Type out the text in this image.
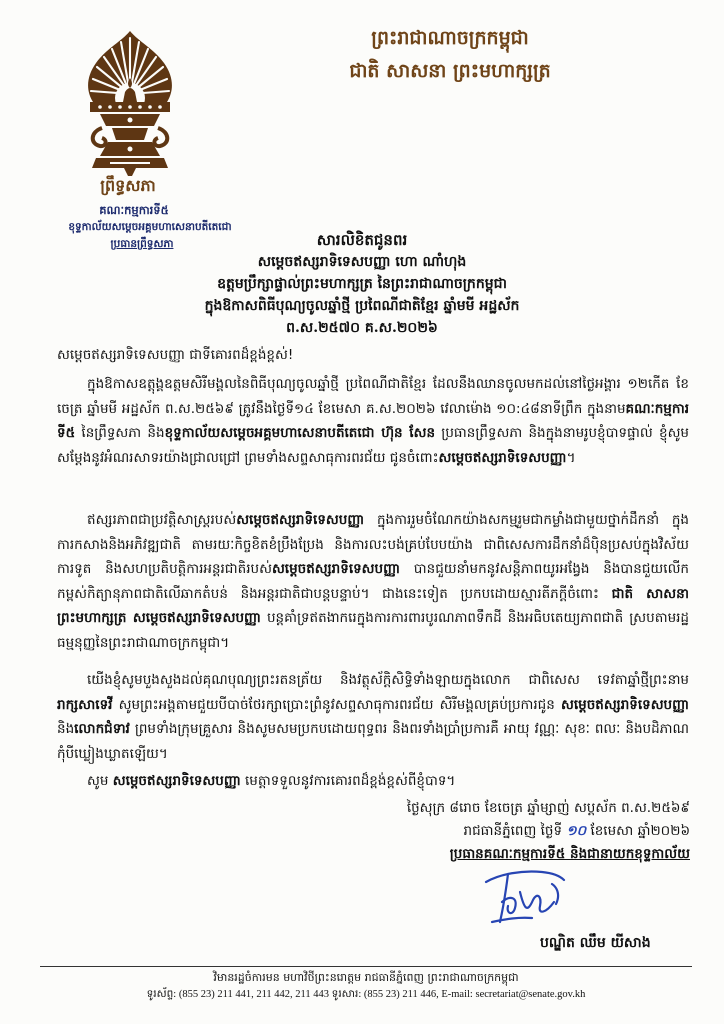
ព្រះរាជាណាចក្រកម្ពុជា
ជាតិ សាសនា ព្រះមហាក្សត្រ
ព្រឹទ្ធសភា
គណៈកម្មការទី៥
ខុទ្ទកាល័យសម្តេចអគ្គមហាសេនាបតីតេជោ
ប្រធានព្រឹទ្ធសភា	សារលិខិតជូនពរ
សម្តេចឥស្សរាទិទេសបញ្ញា ហោ ណាំហុង
ឧត្តមប្រឹក្សាផ្ទាល់ព្រះមហាក្សត្រ នៃព្រះរាជាណាចក្រកម្ពុជា
ក្នុងឱកាសពិធីបុណ្យចូលឆ្នាំថ្មី ប្រពៃណីជាតិខ្មែរ ឆ្នាំមមី អដ្ឋស័ក
ព.ស.២៥៧០ គ.ស.២០២៦
សម្តេចឥស្សរាទិទេសបញ្ញា ជាទីគោរពដ៏ខ្ពង់ខ្ពស់!
ក្នុងឱកាសឧត្តុង្គឧត្តមសិរីមង្គលនៃពិធីបុណ្យចូលឆ្នាំថ្មី ប្រពៃណីជាតិខ្មែរ ដែលនឹងឈានចូលមកដល់នៅថ្ងៃអង្គារ ១២កើត ខែចេត្រ ឆ្នាំមមី អដ្ឋស័ក ព.ស.២៥៦៩ ត្រូវនឹងថ្ងៃទី១៤ ខែមេសា គ.ស.២០២៦ វេលាម៉ោង ១០:៤៨នាទីព្រឹក ក្នុងនាមគណៈកម្មការទី៥ នៃព្រឹទ្ធសភា និងខុទ្ទកាល័យសម្តេចអគ្គមហាសេនាបតីតេជោ ហ៊ុន សែន ប្រធានព្រឹទ្ធសភា និងក្នុងនាមរូបខ្ញុំបាទផ្ទាល់ ខ្ញុំសូមសម្តែងនូវអំណរសាទរយ៉ាងជ្រាលជ្រៅ ព្រមទាំងសព្ទសាធុការពរជ័យ ជូនចំពោះសម្តេចឥស្សរាទិទេសបញ្ញា។
ឥស្សរភាពជាប្រវត្តិសាស្ត្ររបស់សម្តេចឥស្សរាទិទេសបញ្ញា ក្នុងការរួមចំណែកយ៉ាងសកម្មរួមជាកម្លាំងជាមួយថ្នាក់ដឹកនាំ ក្នុងការកសាងនិងអភិវឌ្ឍជាតិ តាមរយៈកិច្ចខិតខំប្រឹងប្រែង និងការលះបង់គ្រប់បែបយ៉ាង ជាពិសេសការដឹកនាំដ៏ប៉ិនប្រសប់ក្នុងវិស័យការទូត និងសហប្រតិបត្តិការអន្តរជាតិរបស់សម្តេចឥស្សរាទិទេសបញ្ញា បានជួយនាំមកនូវសន្តិភាពយូរអង្វែង និងបានជួយលើកកម្ពស់កិត្យានុភាពជាតិលើឆាកតំបន់ និងអន្តរជាតិជាបន្តបន្ទាប់។ ជាងនេះទៀត ប្រកបដោយស្មារតីភក្ដីចំពោះ ជាតិ សាសនា ព្រះមហាក្សត្រ សម្តេចឥស្សរាទិទេសបញ្ញា បន្តគាំទ្រឥតងាករេក្នុងការការពារបូរណភាពទឹកដី និងអធិបតេយ្យភាពជាតិ ស្របតាមរដ្ឋធម្មនុញ្ញនៃព្រះរាជាណាចក្រកម្ពុជា។
យើងខ្ញុំសូមបួងសួងដល់គុណបុណ្យព្រះរតនត្រ័យ និងវត្ថុស័ក្តិសិទ្ធិទាំងឡាយក្នុងលោក ជាពិសេស ទេវតាឆ្នាំថ្មីព្រះនាម រាក្សសាទេវី សូមព្រះអង្គតាមជួយបីបាច់ថែរក្សាប្រោះព្រំនូវសព្ទសាធុការពរជ័យ សិរីមង្គលគ្រប់ប្រការជូន សម្តេចឥស្សរាទិទេសបញ្ញា និងលោកជំទាវ ព្រមទាំងក្រុមគ្រួសារ និងសូមសមប្រកបដោយពុទ្ធពរ និងពរទាំងប្រាំប្រការគឺ អាយុ វណ្ណៈ សុខៈ ពលៈ និងបដិភាណ កុំបីឃ្លៀងឃ្លាតឡើយ។
សូម សម្តេចឥស្សរាទិទេសបញ្ញា មេត្តាទទួលនូវការគោរពដ៏ខ្ពង់ខ្ពស់ពីខ្ញុំបាទ។
ថ្ងៃសុក្រ ៨រោច ខែចេត្រ ឆ្នាំម្សាញ់ សប្តស័ក ព.ស.២៥៦៩
រាជធានីភ្នំពេញ ថ្ងៃទី ១០ ខែមេសា ឆ្នាំ២០២៦
ប្រធានគណៈកម្មការទី៥ និងជានាយកខុទ្ទកាល័យ
បណ្ឌិត ឈឹម យីសាង
វិមានរដ្ឋចំការមន មហាវិថីព្រះនរោត្តម រាជធានីភ្នំពេញ ព្រះរាជាណាចក្រកម្ពុជា
ទូរស័ព្ទ: (855 23) 211 441, 211 442, 211 443 ទូរសារ: (855 23) 211 446, E-mail: secretariat@senate.gov.kh
